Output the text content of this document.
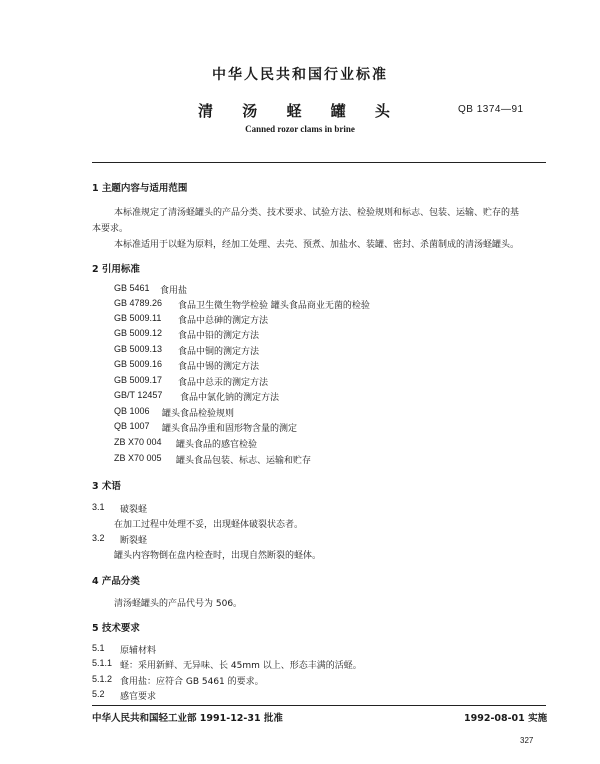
中华人民共和国行业标准
清 汤 蛏 罐 头	QB 1374—91
Canned rozor clams in brine
1 主题内容与适用范围
本标准规定了清汤蛏罐头的产品分类、技术要求、试验方法、检验规则和标志、包装、运输、贮存的基
本要求。
本标准适用于以蛏为原料，经加工处理、去壳、预煮、加盐水、装罐、密封、杀菌制成的清汤蛏罐头。
2 引用标准
GB 5461 食用盐
GB 4789.26 食品卫生微生物学检验 罐头食品商业无菌的检验
GB 5009.11 食品中总砷的测定方法
GB 5009.12 食品中铅的测定方法
GB 5009.13 食品中铜的测定方法
GB 5009.16 食品中锡的测定方法
GB 5009.17 食品中总汞的测定方法
GB/T 12457 食品中氯化钠的测定方法
QB 1006 罐头食品检验规则
QB 1007 罐头食品净重和固形物含量的测定
ZB X70 004 罐头食品的感官检验
ZB X70 005 罐头食品包装、标志、运输和贮存
3 术语
3.1 破裂蛏
在加工过程中处理不妥，出现蛏体破裂状态者。
3.2 断裂蛏
罐头内容物倒在盘内检查时，出现自然断裂的蛏体。
4 产品分类
清汤蛏罐头的产品代号为 506。
5 技术要求
5.1 原辅材料
5.1.1 蛏：采用新鲜、无异味、长 45mm 以上、形态丰满的活蛏。
5.1.2 食用盐：应符合 GB 5461 的要求。
5.2 感官要求
中华人民共和国轻工业部 1991-12-31 批准	1992-08-01 实施
327
